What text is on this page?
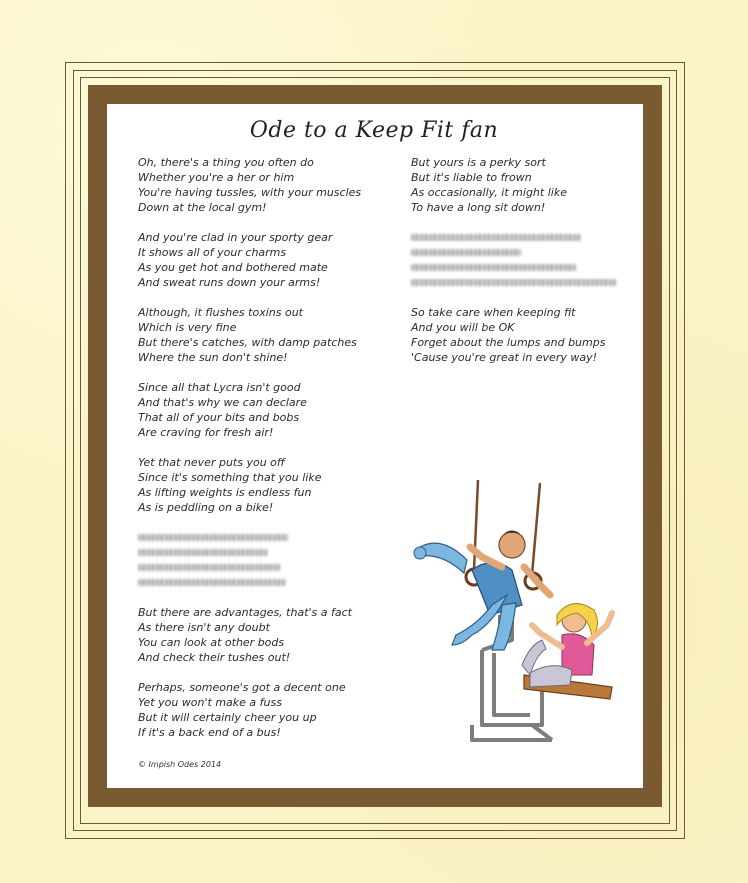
Ode to a Keep Fit fan
Oh, there's a thing you often do
Whether you're a her or him
You're having tussles, with your muscles
Down at the local gym!
And you're clad in your sporty gear
It shows all of your charms
As you get hot and bothered mate
And sweat runs down your arms!
Although, it flushes toxins out
Which is very fine
But there's catches, with damp patches
Where the sun don't shine!
Since all that Lycra isn't good
And that's why we can declare
That all of your bits and bobs
Are craving for fresh air!
Yet that never puts you off
Since it's something that you like
As lifting weights is endless fun
As is peddling on a bike!
But there are advantages, that's a fact
As there isn't any doubt
You can look at other bods
And check their tushes out!
Perhaps, someone's got a decent one
Yet you won't make a fuss
But it will certainly cheer you up
If it's a back end of a bus!
But yours is a perky sort
But it's liable to frown
As occasionally, it might like
To have a long sit down!
So take care when keeping fit
And you will be OK
Forget about the lumps and bumps
'Cause you're great in every way!
© Impish Odes 2014
